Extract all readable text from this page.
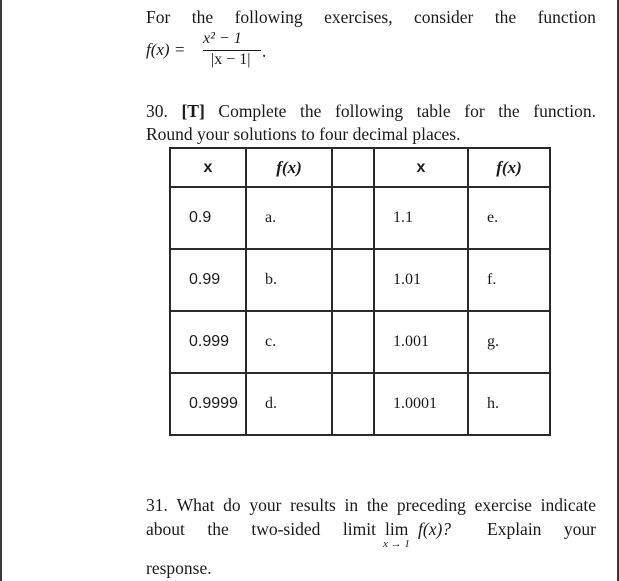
For the following exercises, consider the function
f(x) =
x² − 1
|x − 1| .
30. [T] Complete the following table for the function.
Round your solutions to four decimal places.
x	f(x)		x	f(x)
0.9	a.		1.1	e.
0.99	b.		1.01	f.
0.999	c.		1.001	g.
0.9999	d.		1.0001	h.
31. What do your results in the preceding exercise indicate
about the two-sided limit lim
x → 1
f(x)? Explain your
response.
